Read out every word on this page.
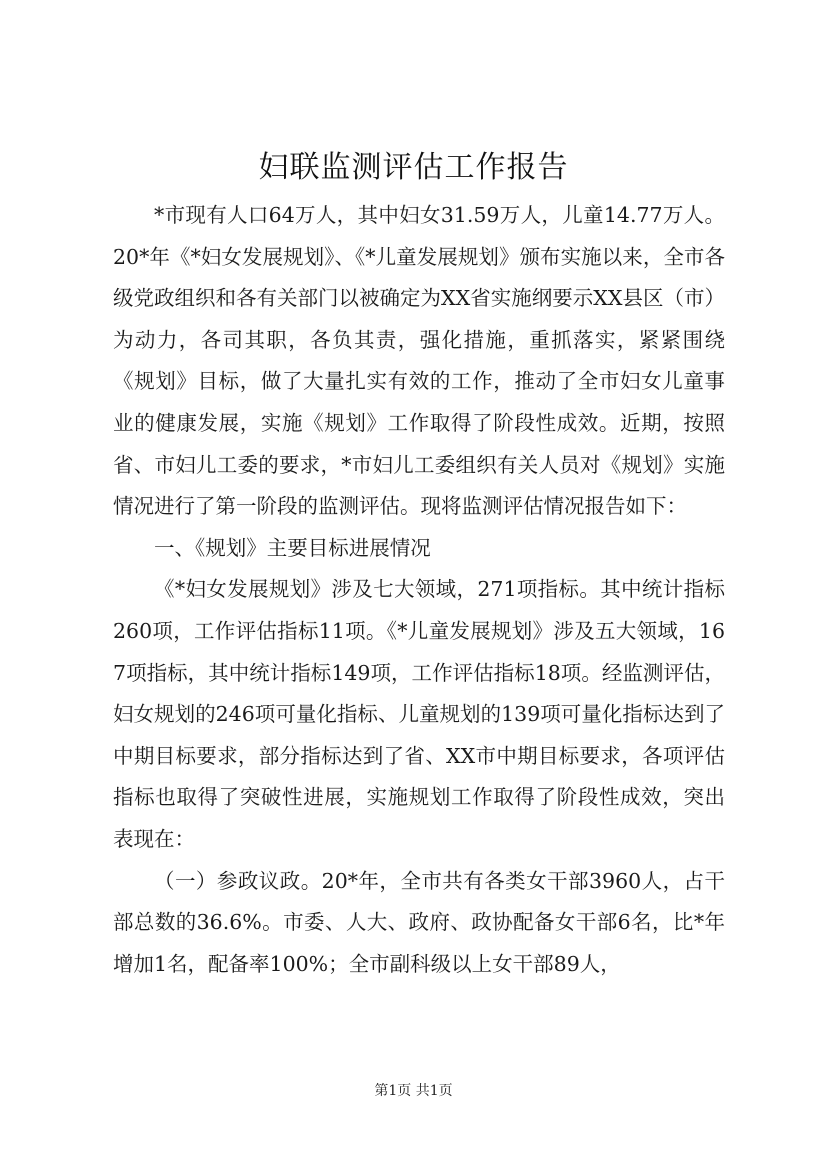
妇联监测评估工作报告

*市现有人口64万人，其中妇女31.59万人，儿童14.77万人。20*年《*妇女发展规划》、《*儿童发展规划》颁布实施以来，全市各级党政组织和各有关部门以被确定为XX省实施纲要示XX县区（市）为动力，各司其职，各负其责，强化措施，重抓落实，紧紧围绕《规划》目标，做了大量扎实有效的工作，推动了全市妇女儿童事业的健康发展，实施《规划》工作取得了阶段性成效。近期，按照省、市妇儿工委的要求，*市妇儿工委组织有关人员对《规划》实施情况进行了第一阶段的监测评估。现将监测评估情况报告如下：

一、《规划》主要目标进展情况

《*妇女发展规划》涉及七大领域，271项指标。其中统计指标260项，工作评估指标11项。《*儿童发展规划》涉及五大领域，167项指标，其中统计指标149项，工作评估指标18项。经监测评估，妇女规划的246项可量化指标、儿童规划的139项可量化指标达到了中期目标要求，部分指标达到了省、XX市中期目标要求，各项评估指标也取得了突破性进展，实施规划工作取得了阶段性成效，突出表现在：

（一）参政议政。20*年，全市共有各类女干部3960人，占干部总数的36.6%。市委、人大、政府、政协配备女干部6名，比*年增加1名，配备率100%；全市副科级以上女干部89人，

第1页 共1页
